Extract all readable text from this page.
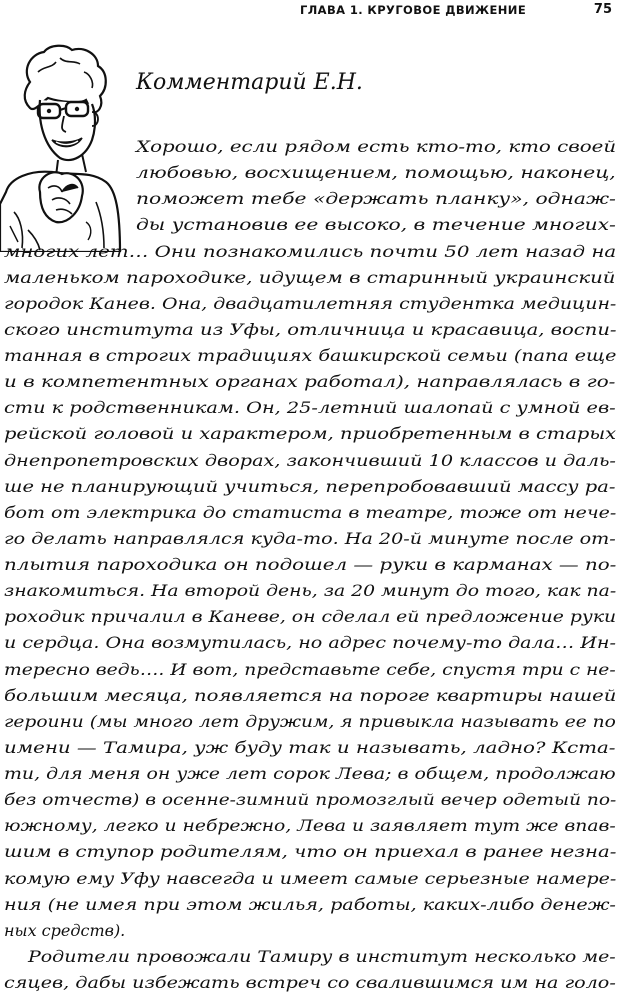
ГЛАВА 1. КРУГОВОЕ ДВИЖЕНИЕ	75
Комментарий Е.Н.
Хорошо, если рядом есть кто-то, кто своей
любовью, восхищением, помощью, наконец,
поможет тебе «держать планку», однаж-
ды установив ее высоко, в течение многих-
многих лет… Они познакомились почти 50 лет назад на
маленьком пароходике, идущем в старинный украинский
городок Канев. Она, двадцатилетняя студентка медицин-
ского института из Уфы, отличница и красавица, воспи-
танная в строгих традициях башкирской семьи (папа еще
и в компетентных органах работал), направлялась в го-
сти к родственникам. Он, 25-летний шалопай с умной ев-
рейской головой и характером, приобретенным в старых
днепропетровских дворах, закончивший 10 классов и даль-
ше не планирующий учиться, перепробовавший массу ра-
бот от электрика до статиста в театре, тоже от нече-
го делать направлялся куда-то. На 20-й минуте после от-
плытия пароходика он подошел — руки в карманах — по-
знакомиться. На второй день, за 20 минут до того, как па-
роходик причалил в Каневе, он сделал ей предложение руки
и сердца. Она возмутилась, но адрес почему-то дала… Ин-
тересно ведь…. И вот, представьте себе, спустя три с не-
большим месяца, появляется на пороге квартиры нашей
героини (мы много лет дружим, я привыкла называть ее по
имени — Тамира, уж буду так и называть, ладно? Кста-
ти, для меня он уже лет сорок Лева; в общем, продолжаю
без отчеств) в осенне-зимний промозглый вечер одетый по-
южному, легко и небрежно, Лева и заявляет тут же впав-
шим в ступор родителям, что он приехал в ранее незна-
комую ему Уфу навсегда и имеет самые серьезные намере-
ния (не имея при этом жилья, работы, каких-либо денеж-
ных средств).
Родители провожали Тамиру в институт несколько ме-
сяцев, дабы избежать встреч со свалившимся им на голо-
